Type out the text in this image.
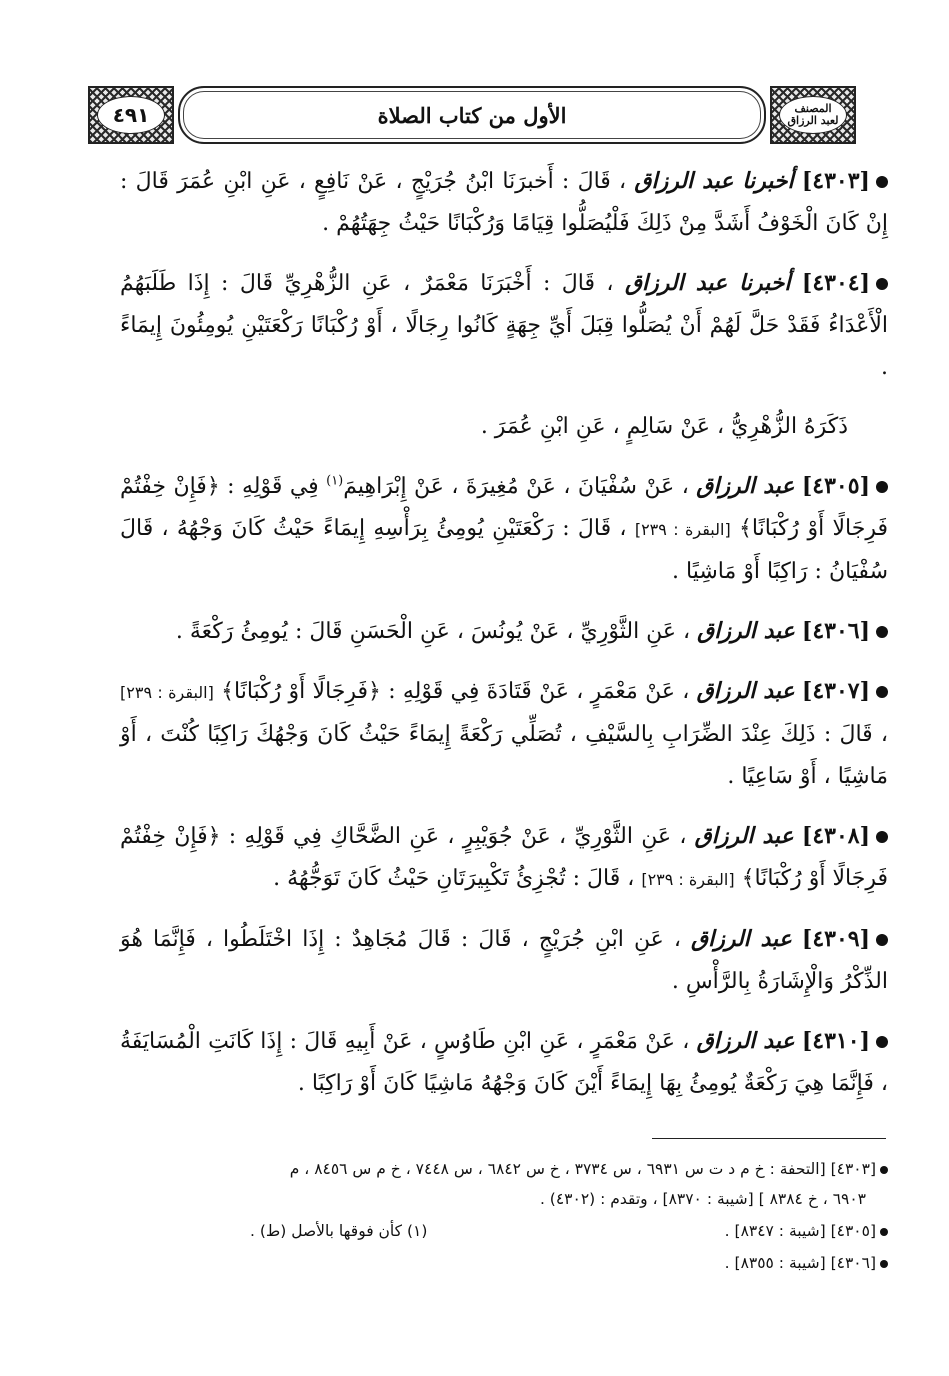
٤٩١	الأول من كتاب الصلاة	المصنف
لعبد الرزاق

[٤٣٠٣] أخبرنا عبد الرزاق ، قَالَ : أَخبرَنَا ابْنُ جُرَيْجٍ ، عَنْ نَافِعٍ ، عَنِ ابْنِ عُمَرَ قَالَ : إِنْ كَانَ الْخَوْفُ أَشَدَّ مِنْ ذَلِكَ فَلْيُصَلُّوا قِيَامًا وَرُكْبَانًا حَيْثُ جِهَتُهُمْ .

[٤٣٠٤] أخبرنا عبد الرزاق ، قَالَ : أَخْبَرَنَا مَعْمَرٌ ، عَنِ الزُّهْرِيِّ قَالَ : إِذَا طَلَبَهُمُ الْأَعْدَاءُ فَقَدْ حَلَّ لَهُمْ أَنْ يُصَلُّوا قِبَلَ أَيِّ جِهَةٍ كَانُوا رِجَالًا ، أَوْ رُكْبَانًا رَكْعَتَيْنِ يُومِئُونَ إِيمَاءً .

ذَكَرَهُ الزُّهْرِيُّ ، عَنْ سَالِمٍ ، عَنِ ابْنِ عُمَرَ .

[٤٣٠٥] عبد الرزاق ، عَنْ سُفْيَانَ ، عَنْ مُغِيرَةَ ، عَنْ إِبْرَاهِيمَ$^{(١)}$ فِي قَوْلِهِ : ﴿فَإِنْ خِفْتُمْ فَرِجَالًا أَوْ رُكْبَانًا﴾ [البقرة : ٢٣٩] ، قَالَ : رَكْعَتَيْنِ يُومِئُ بِرَأْسِهِ إِيمَاءً حَيْثُ كَانَ وَجْهُهُ ، قَالَ سُفْيَانُ : رَاكِبًا أَوْ مَاشِيًا .

[٤٣٠٦] عبد الرزاق ، عَنِ الثَّوْرِيِّ ، عَنْ يُونُسَ ، عَنِ الْحَسَنِ قَالَ : يُومِئُ رَكْعَةً .

[٤٣٠٧] عبد الرزاق ، عَنْ مَعْمَرٍ ، عَنْ قَتَادَةَ فِي قَوْلِهِ : ﴿فَرِجَالًا أَوْ رُكْبَانًا﴾ [البقرة : ٢٣٩] ، قَالَ : ذَلِكَ عِنْدَ الضِّرَابِ بِالسَّيْفِ ، تُصَلِّي رَكْعَةً إِيمَاءً حَيْثُ كَانَ وَجْهُكَ رَاكِبًا كُنْتَ ، أَوْ مَاشِيًا ، أَوْ سَاعِيًا .

[٤٣٠٨] عبد الرزاق ، عَنِ الثَّوْرِيِّ ، عَنْ جُوَيْبِرٍ ، عَنِ الضَّحَّاكِ فِي قَوْلِهِ : ﴿فَإِنْ خِفْتُمْ فَرِجَالًا أَوْ رُكْبَانًا﴾ [البقرة : ٢٣٩] ، قَالَ : تُجْزِئُ تَكْبِيرَتَانِ حَيْثُ كَانَ تَوَجُّهُهُ .

[٤٣٠٩] عبد الرزاق ، عَنِ ابْنِ جُرَيْجٍ ، قَالَ : قَالَ مُجَاهِدٌ : إِذَا اخْتَلَطُوا ، فَإِنَّمَا هُوَ الذِّكْرُ وَالْإِشَارَةُ بِالرَّأْسِ .

[٤٣١٠] عبد الرزاق ، عَنْ مَعْمَرٍ ، عَنِ ابْنِ طَاوُسٍ ، عَنْ أَبِيهِ قَالَ : إِذَا كَانَتِ الْمُسَايَفَةُ ، فَإِنَّمَا هِيَ رَكْعَةٌ يُومِئُ بِهَا إِيمَاءً أَيْنَ كَانَ وَجْهُهُ مَاشِيًا كَانَ أَوْ رَاكِبًا .

[٤٣٠٣] [التحفة : خ م د ت س ٦٩٣١ ، س ٣٧٣٤ ، خ س ٦٨٤٢ ، س ٧٤٤٨ ، خ م س ٨٤٥٦ ، م

٦٩٠٣ ، خ ٨٣٨٤ ] [شيبة : ٨٣٧٠] ، وتقدم : (٤٣٠٢) .

[٤٣٠٥] [شيبة : ٨٣٤٧] .
(١) كأن فوقها بالأصل (ط) .

[٤٣٠٦] [شيبة : ٨٣٥٥] .
